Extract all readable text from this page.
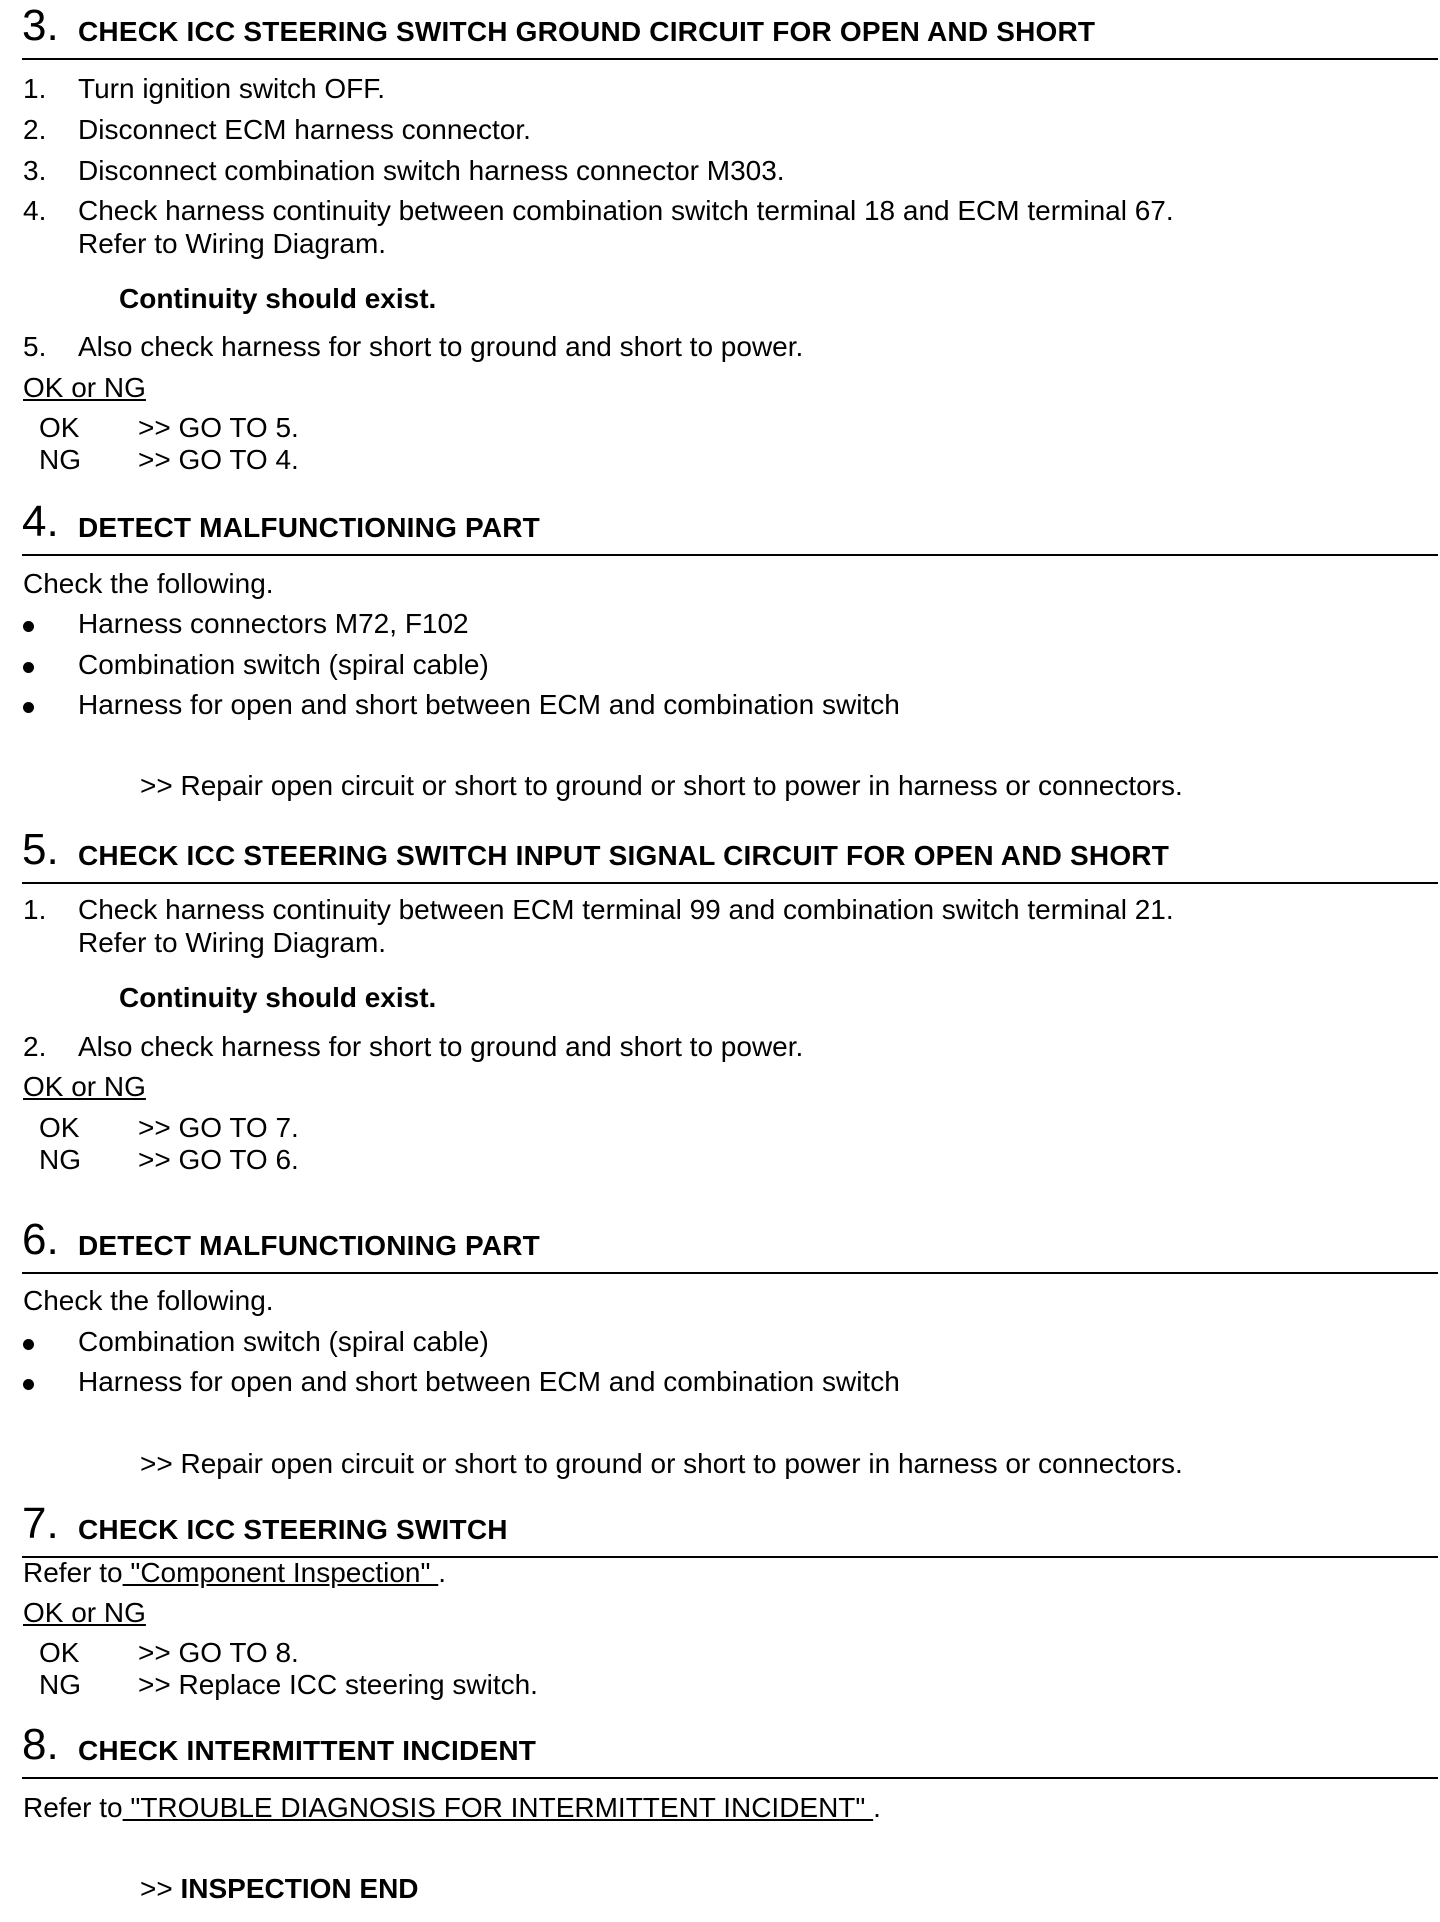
3. CHECK ICC STEERING SWITCH GROUND CIRCUIT FOR OPEN AND SHORT
1. Turn ignition switch OFF.
2. Disconnect ECM harness connector.
3. Disconnect combination switch harness connector M303.
4. Check harness continuity between combination switch terminal 18 and ECM terminal 67.
Refer to Wiring Diagram.
Continuity should exist.
5. Also check harness for short to ground and short to power.
OK or NG
OK >> GO TO 5.
NG >> GO TO 4.
4. DETECT MALFUNCTIONING PART
Check the following.
Harness connectors M72, F102
Combination switch (spiral cable)
Harness for open and short between ECM and combination switch
>> Repair open circuit or short to ground or short to power in harness or connectors.
5. CHECK ICC STEERING SWITCH INPUT SIGNAL CIRCUIT FOR OPEN AND SHORT
1. Check harness continuity between ECM terminal 99 and combination switch terminal 21.
Refer to Wiring Diagram.
Continuity should exist.
2. Also check harness for short to ground and short to power.
OK or NG
OK >> GO TO 7.
NG >> GO TO 6.
6. DETECT MALFUNCTIONING PART
Check the following.
Combination switch (spiral cable)
Harness for open and short between ECM and combination switch
>> Repair open circuit or short to ground or short to power in harness or connectors.
7. CHECK ICC STEERING SWITCH
Refer to "Component Inspection" .
OK or NG
OK >> GO TO 8.
NG >> Replace ICC steering switch.
8. CHECK INTERMITTENT INCIDENT
Refer to "TROUBLE DIAGNOSIS FOR INTERMITTENT INCIDENT" .
>> INSPECTION END
